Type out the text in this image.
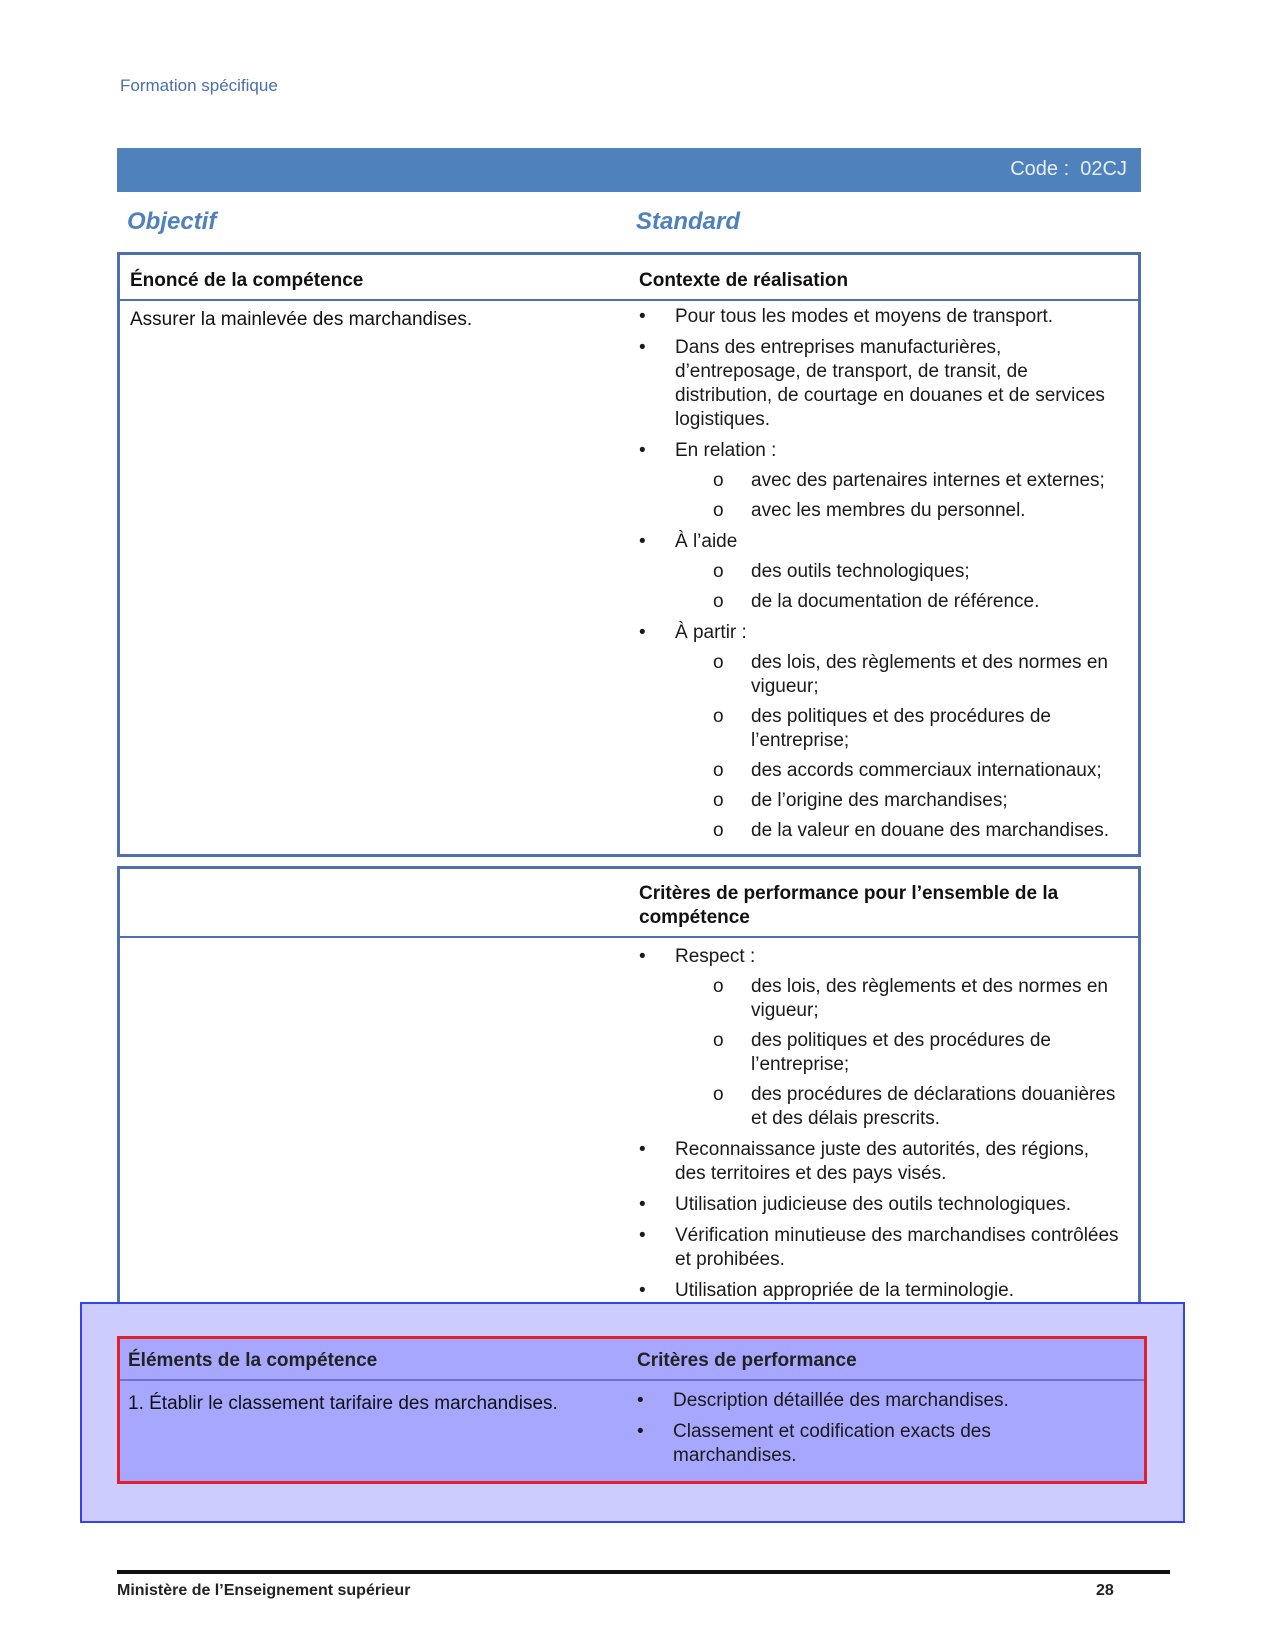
Formation spécifique
Code : 02CJ
Objectif	Standard
Énoncé de la compétence	Contexte de réalisation
Assurer la mainlevée des marchandises.	• Pour tous les modes et moyens de transport.
• Dans des entreprises manufacturières, d’entreposage, de transport, de transit, de distribution, de courtage en douanes et de services logistiques.
• En relation :
o avec des partenaires internes et externes;
o avec les membres du personnel.
• À l’aide
o des outils technologiques;
o de la documentation de référence.
• À partir :
o des lois, des règlements et des normes en vigueur;
o des politiques et des procédures de l’entreprise;
o des accords commerciaux internationaux;
o de l’origine des marchandises;
o de la valeur en douane des marchandises.
Critères de performance pour l’ensemble de la compétence
• Respect :
o des lois, des règlements et des normes en vigueur;
o des politiques et des procédures de l’entreprise;
o des procédures de déclarations douanières et des délais prescrits.
• Reconnaissance juste des autorités, des régions, des territoires et des pays visés.
• Utilisation judicieuse des outils technologiques.
• Vérification minutieuse des marchandises contrôlées et prohibées.
• Utilisation appropriée de la terminologie.
Éléments de la compétence	Critères de performance
1. Établir le classement tarifaire des marchandises.	• Description détaillée des marchandises.
• Classement et codification exacts des marchandises.
Ministère de l’Enseignement supérieur	28
